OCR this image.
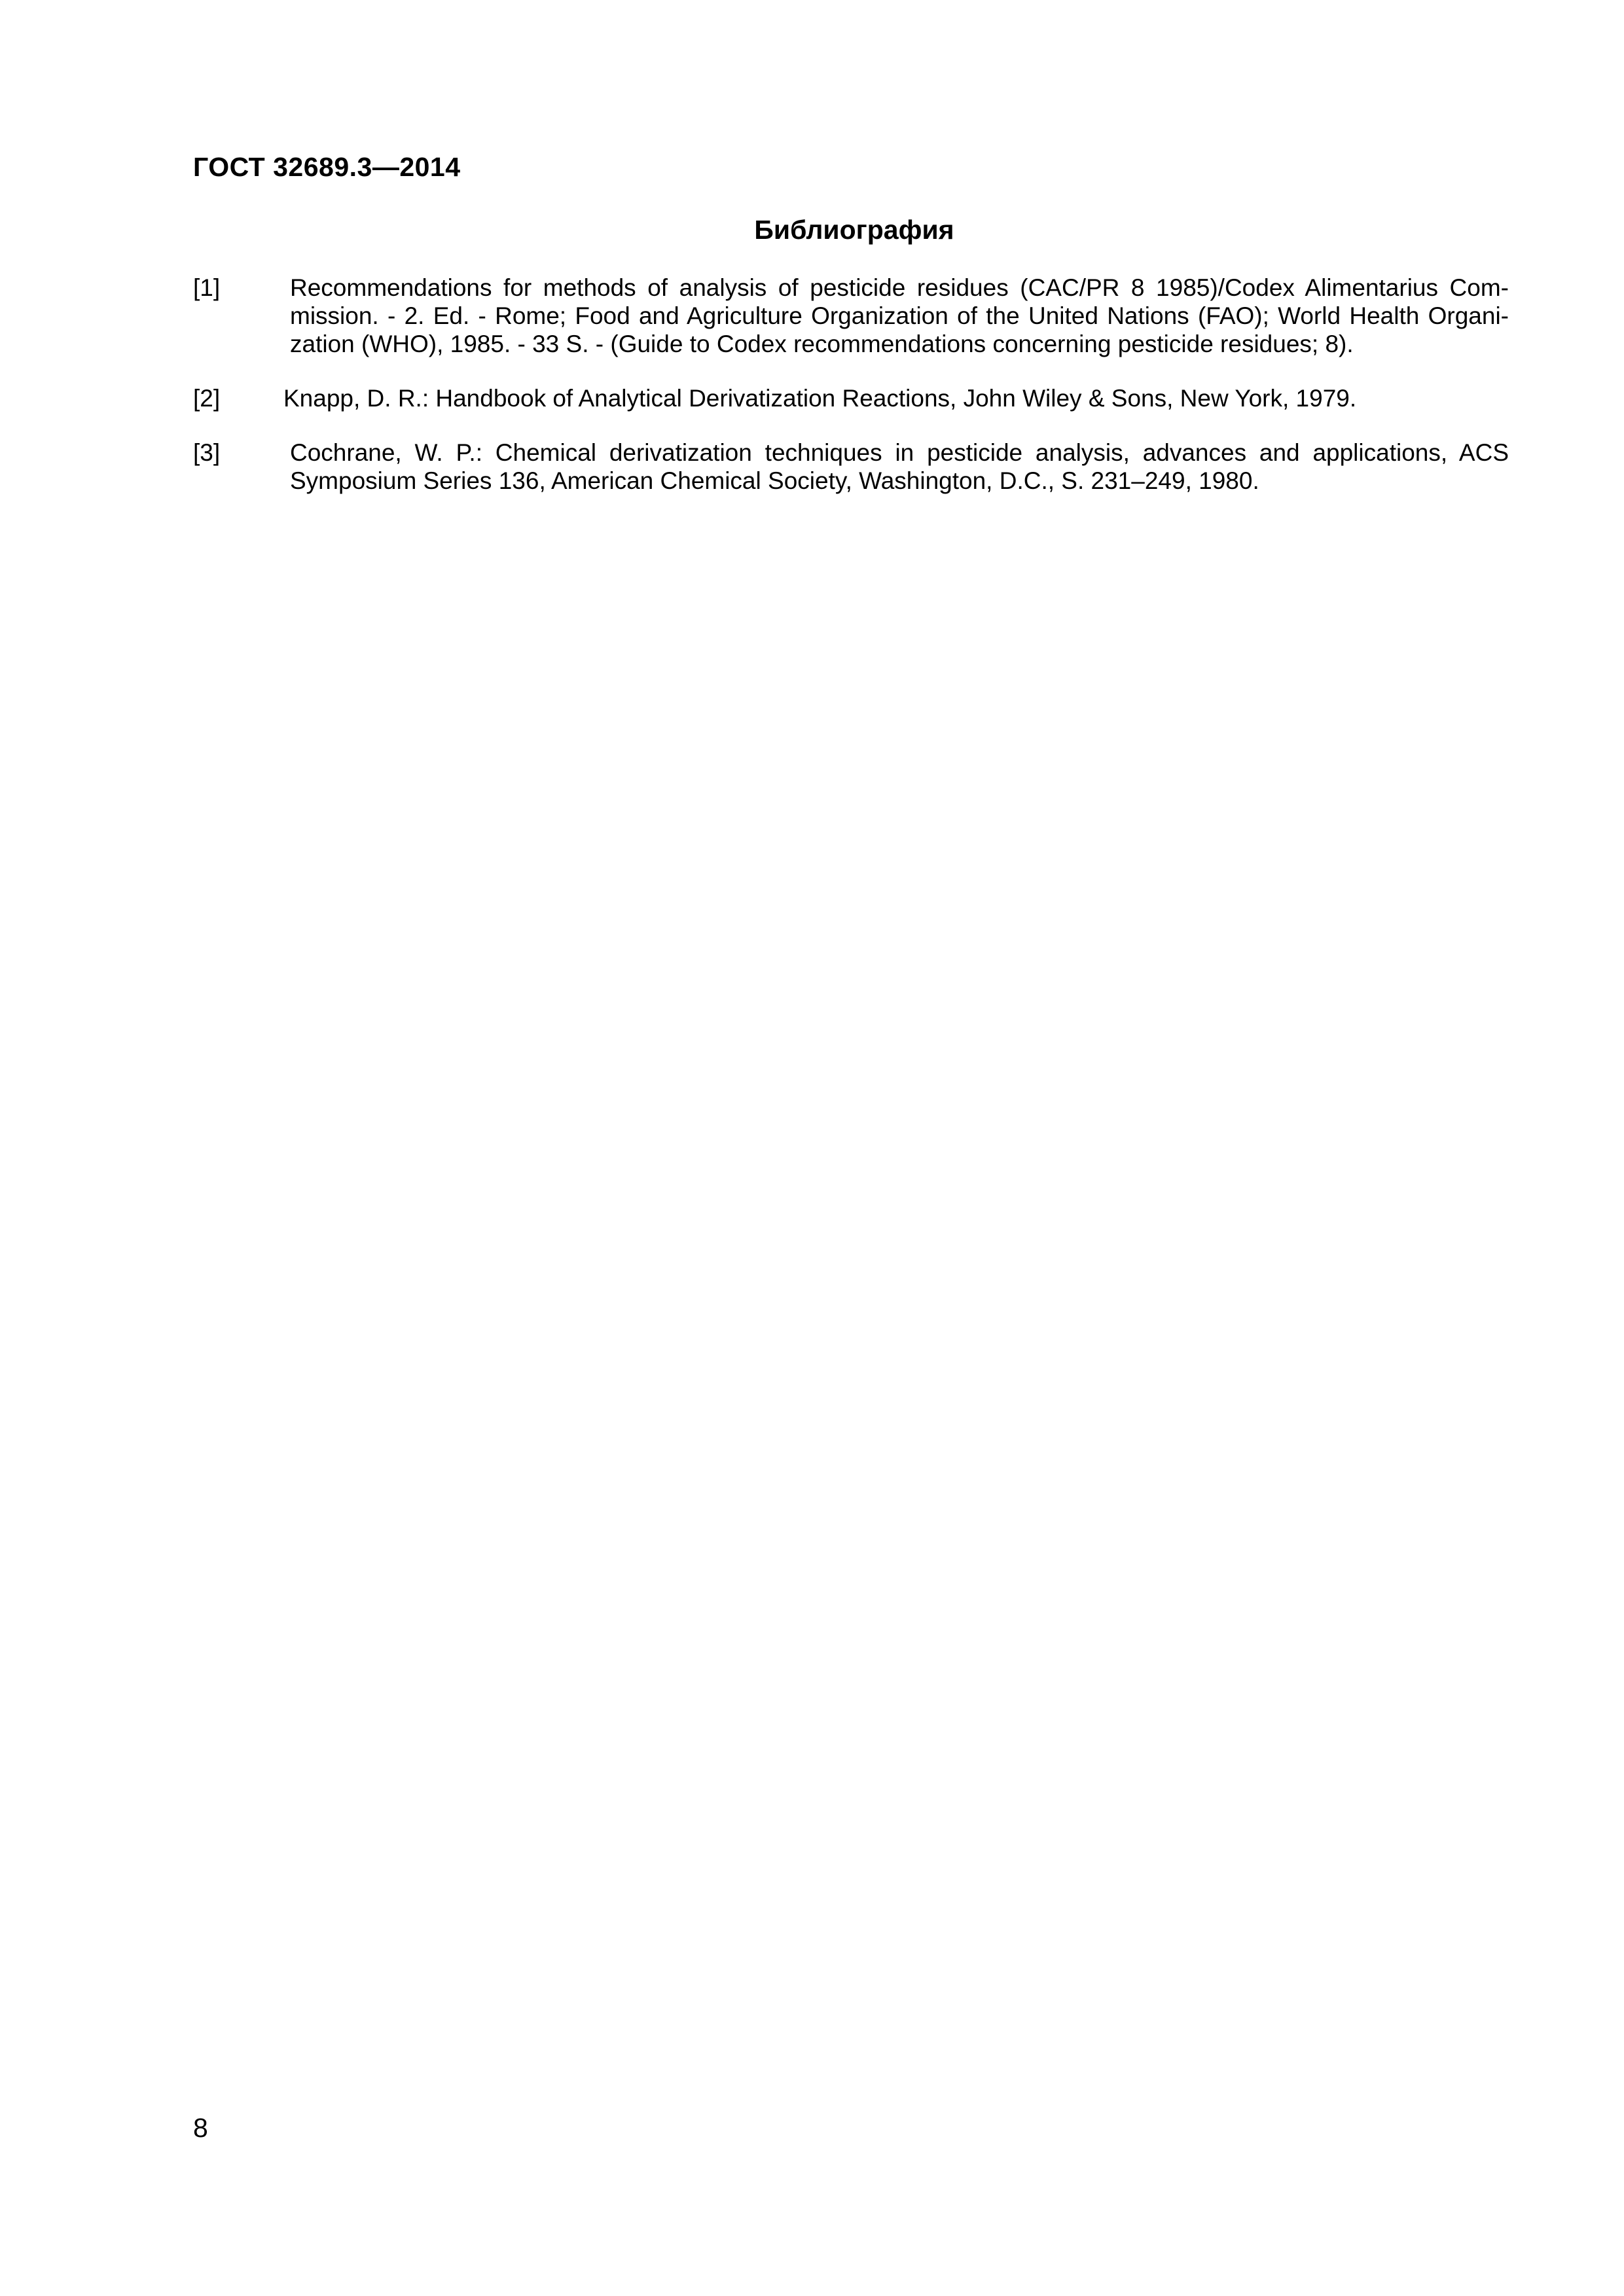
ГОСТ 32689.3—2014
Библиография
[1]	Recommendations for methods of analysis of pesticide residues (CAC/PR 8 1985)/Codex Alimentarius Com-mission. - 2. Ed. - Rome; Food and Agriculture Organization of the United Nations (FAO); World Health Organi-zation (WHO), 1985. - 33 S. - (Guide to Codex recommendations concerning pesticide residues; 8).
[2]	Knapp, D. R.: Handbook of Analytical Derivatization Reactions, John Wiley & Sons, New York, 1979.
[3]	Cochrane, W. P.: Chemical derivatization techniques in pesticide analysis, advances and applications, ACS Symposium Series 136, American Chemical Society, Washington, D.C., S. 231–249, 1980.
8
